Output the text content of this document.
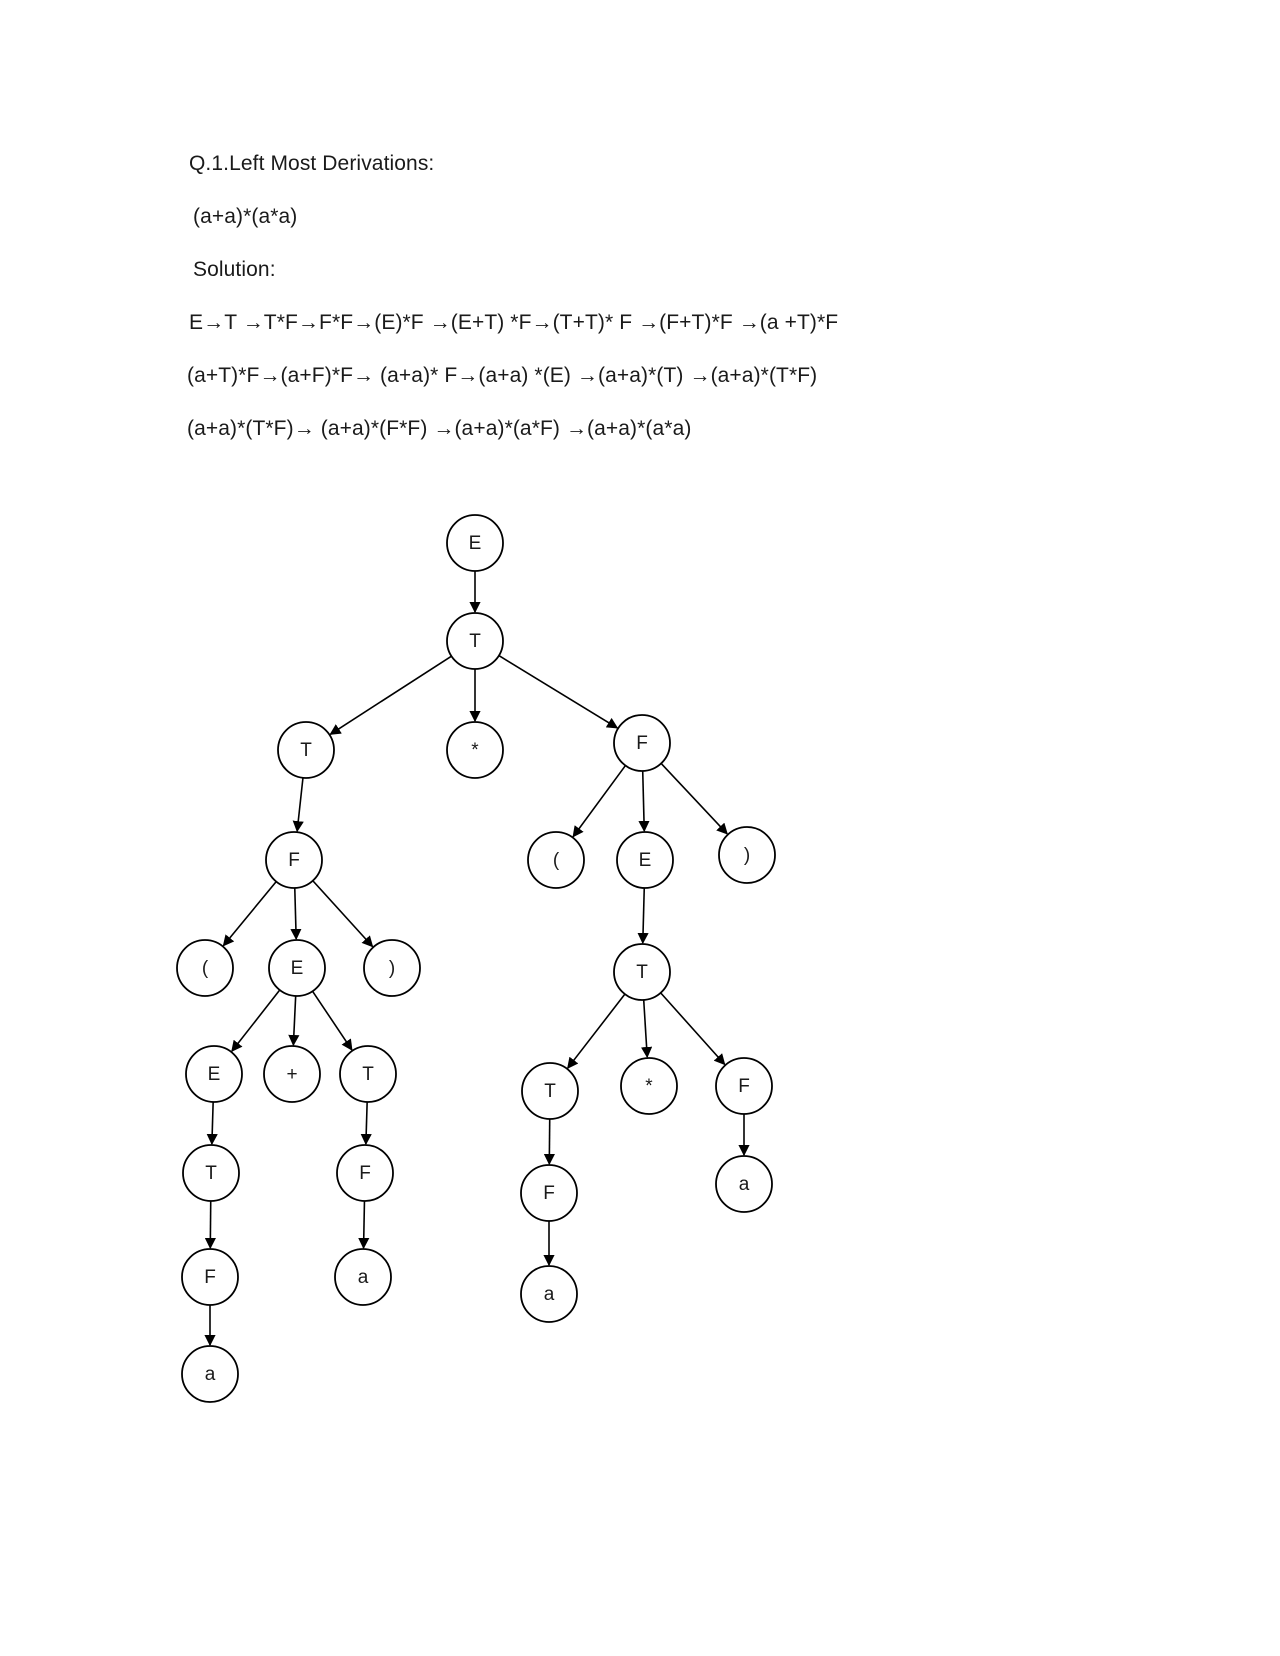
Q.1.Left Most Derivations:
(a+a)*(a*a)
Solution:
E→T →T*F→F*F→(E)*F →(E+T) *F→(T+T)* F →(F+T)*F →(a +T)*F
(a+T)*F→(a+F)*F→ (a+a)* F→(a+a) *(E) →(a+a)*(T) →(a+a)*(T*F)
(a+a)*(T*F)→ (a+a)*(F*F) →(a+a)*(a*F) →(a+a)*(a*a)
E
T
T	*	F
F
(	E	)
E	+	T
T
F
a
F
a
(	E	)
T
T	*	F
F
a
a
